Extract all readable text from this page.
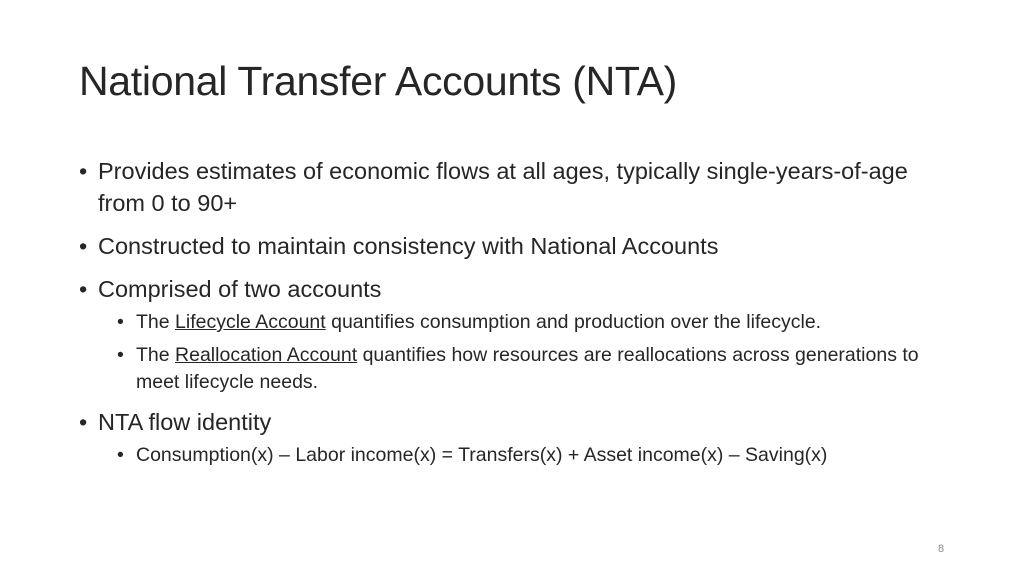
National Transfer Accounts (NTA)
• Provides estimates of economic flows at all ages, typically single-years-of-age from 0 to 90+
• Constructed to maintain consistency with National Accounts
• Comprised of two accounts
• The Lifecycle Account quantifies consumption and production over the lifecycle.
• The Reallocation Account quantifies how resources are reallocations across generations to meet lifecycle needs.
• NTA flow identity
• Consumption(x) – Labor income(x) = Transfers(x) + Asset income(x) – Saving(x)
8
